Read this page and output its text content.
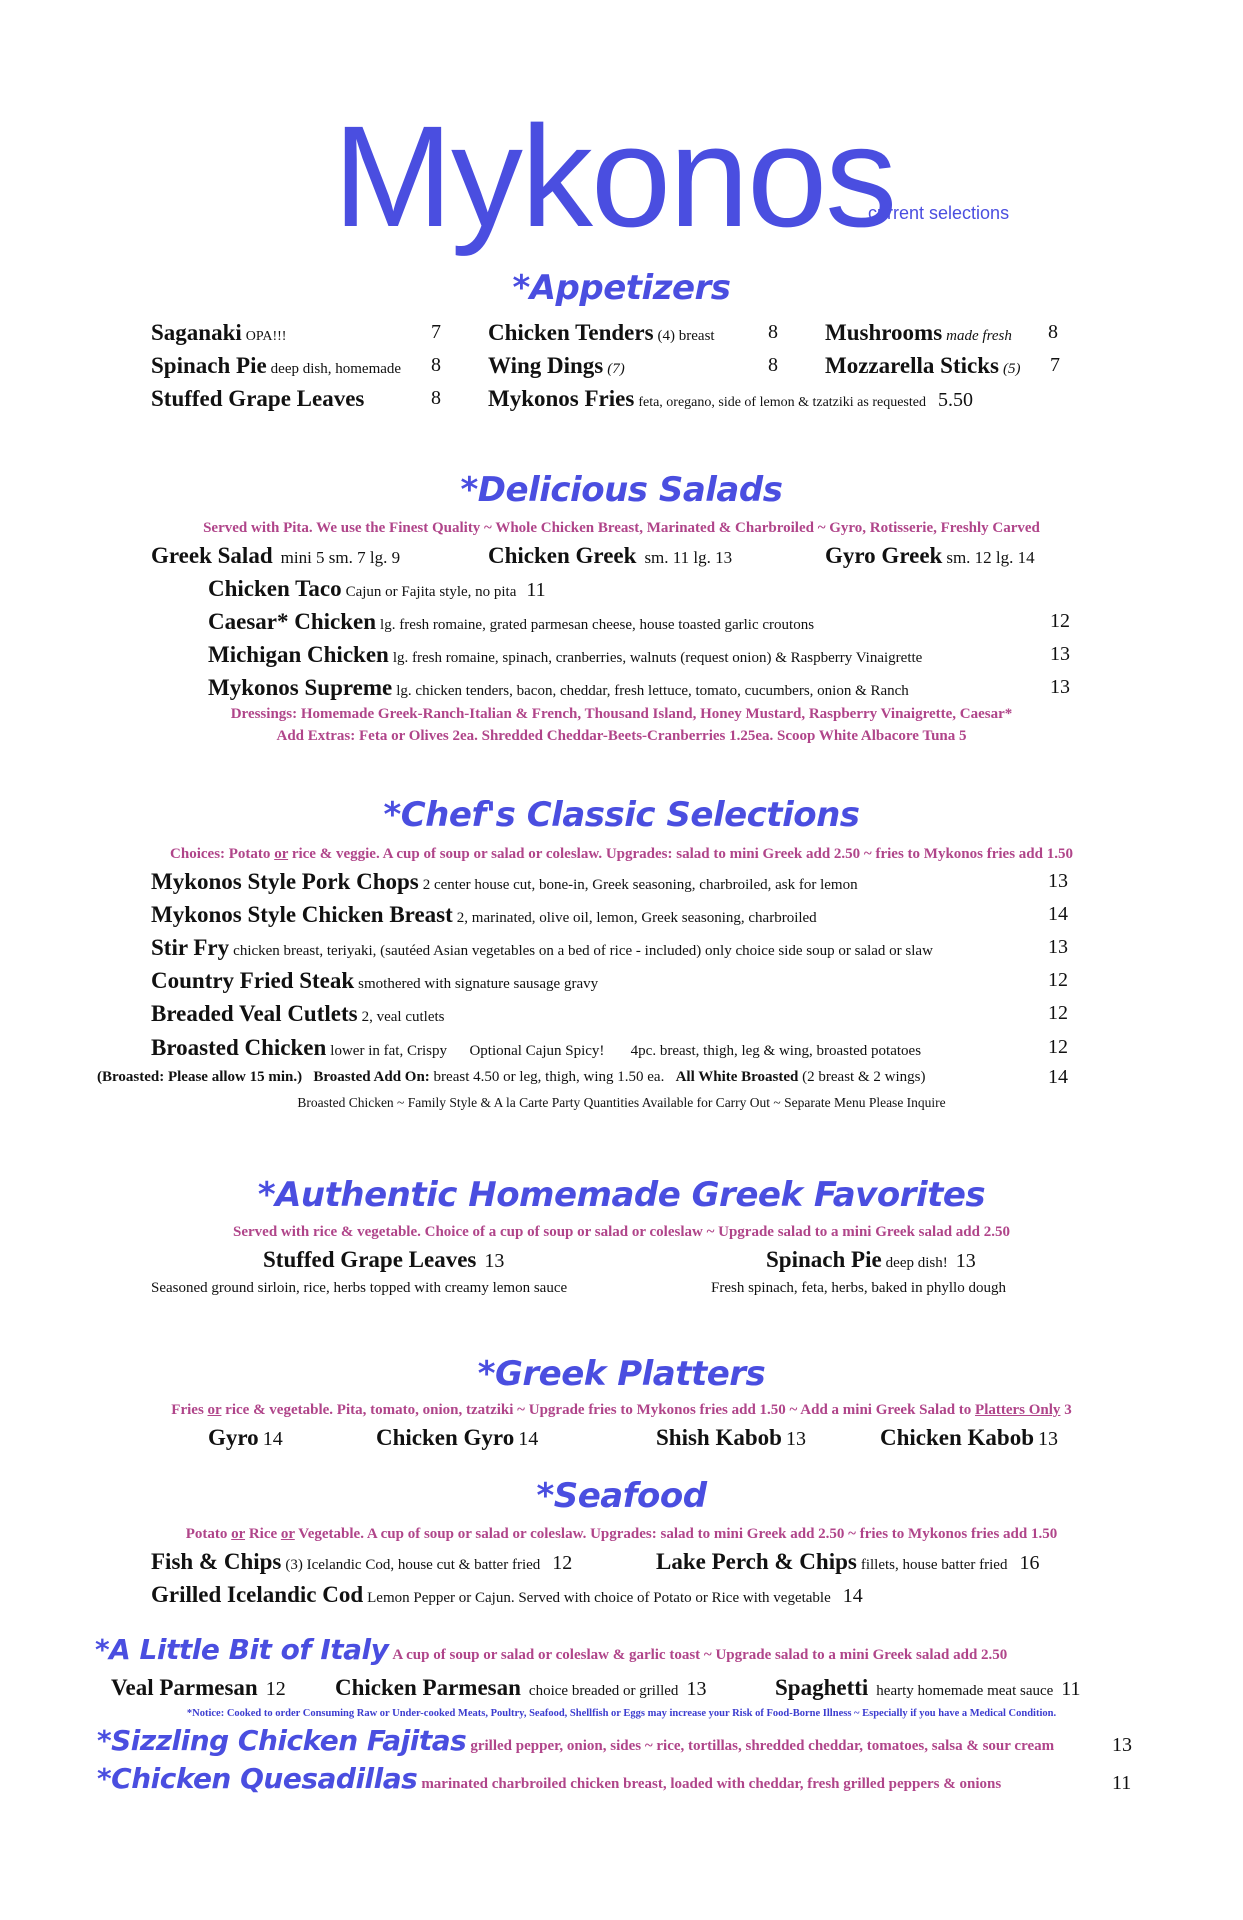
Mykonos
current selections
*Appetizers
Saganaki OPA!!!	7
Spinach Pie deep dish, homemade 8
Stuffed Grape Leaves	8
Chicken Tenders (4) breast	8
Wing Dings (7)	8
Mykonos Fries feta, oregano, side of lemon & tzatziki as requested 5.50
Mushrooms made fresh 8
Mozzarella Sticks (5) 7
*Delicious Salads
Served with Pita. We use the Finest Quality ~ Whole Chicken Breast, Marinated & Charbroiled ~ Gyro, Rotisserie, Freshly Carved
Greek Salad mini 5 sm. 7 lg. 9	Chicken Greek sm. 11 lg. 13	Gyro Greek sm. 12 lg. 14
Chicken Taco Cajun or Fajita style, no pita 11
Caesar* Chicken lg. fresh romaine, grated parmesan cheese, house toasted garlic croutons	12
Michigan Chicken lg. fresh romaine, spinach, cranberries, walnuts (request onion) & Raspberry Vinaigrette	13
Mykonos Supreme lg. chicken tenders, bacon, cheddar, fresh lettuce, tomato, cucumbers, onion & Ranch	13
Dressings: Homemade Greek-Ranch-Italian & French, Thousand Island, Honey Mustard, Raspberry Vinaigrette, Caesar*
Add Extras: Feta or Olives 2ea. Shredded Cheddar-Beets-Cranberries 1.25ea. Scoop White Albacore Tuna 5
*Chef's Classic Selections
Choices: Potato or rice & veggie. A cup of soup or salad or coleslaw. Upgrades: salad to mini Greek add 2.50 ~ fries to Mykonos fries add 1.50
Mykonos Style Pork Chops 2 center house cut, bone-in, Greek seasoning, charbroiled, ask for lemon	13
Mykonos Style Chicken Breast 2, marinated, olive oil, lemon, Greek seasoning, charbroiled	14
Stir Fry chicken breast, teriyaki, (sautéed Asian vegetables on a bed of rice - included) only choice side soup or salad or slaw	13
Country Fried Steak smothered with signature sausage gravy	12
Breaded Veal Cutlets 2, veal cutlets	12
Broasted Chicken lower in fat, Crispy      Optional Cajun Spicy!       4pc. breast, thigh, leg & wing, broasted potatoes	12
(Broasted: Please allow 15 min.) Broasted Add On: breast 4.50 or leg, thigh, wing 1.50 ea. All White Broasted (2 breast & 2 wings)	14
Broasted Chicken ~ Family Style & A la Carte Party Quantities Available for Carry Out ~ Separate Menu Please Inquire
*Authentic Homemade Greek Favorites
Served with rice & vegetable. Choice of a cup of soup or salad or coleslaw ~ Upgrade salad to a mini Greek salad add 2.50
Stuffed Grape Leaves 13
Seasoned ground sirloin, rice, herbs topped with creamy lemon sauce
Spinach Pie deep dish! 13
Fresh spinach, feta, herbs, baked in phyllo dough
*Greek Platters
Fries or rice & vegetable. Pita, tomato, onion, tzatziki ~ Upgrade fries to Mykonos fries add 1.50 ~ Add a mini Greek Salad to Platters Only 3
Gyro 14	Chicken Gyro 14	Shish Kabob 13	Chicken Kabob 13
*Seafood
Potato or Rice or Vegetable. A cup of soup or salad or coleslaw. Upgrades: salad to mini Greek add 2.50 ~ fries to Mykonos fries add 1.50
Fish & Chips (3) Icelandic Cod, house cut & batter fried 12	Lake Perch & Chips fillets, house batter fried 16
Grilled Icelandic Cod Lemon Pepper or Cajun. Served with choice of Potato or Rice with vegetable 14
*A Little Bit of Italy A cup of soup or salad or coleslaw & garlic toast ~ Upgrade salad to a mini Greek salad add 2.50
Veal Parmesan 12 Chicken Parmesan choice breaded or grilled 13	Spaghetti hearty homemade meat sauce 11
*Notice: Cooked to order Consuming Raw or Under-cooked Meats, Poultry, Seafood, Shellfish or Eggs may increase your Risk of Food-Borne Illness ~ Especially if you have a Medical Condition.
*Sizzling Chicken Fajitas grilled pepper, onion, sides ~ rice, tortillas, shredded cheddar, tomatoes, salsa & sour cream	13
*Chicken Quesadillas marinated charbroiled chicken breast, loaded with cheddar, fresh grilled peppers & onions	11
